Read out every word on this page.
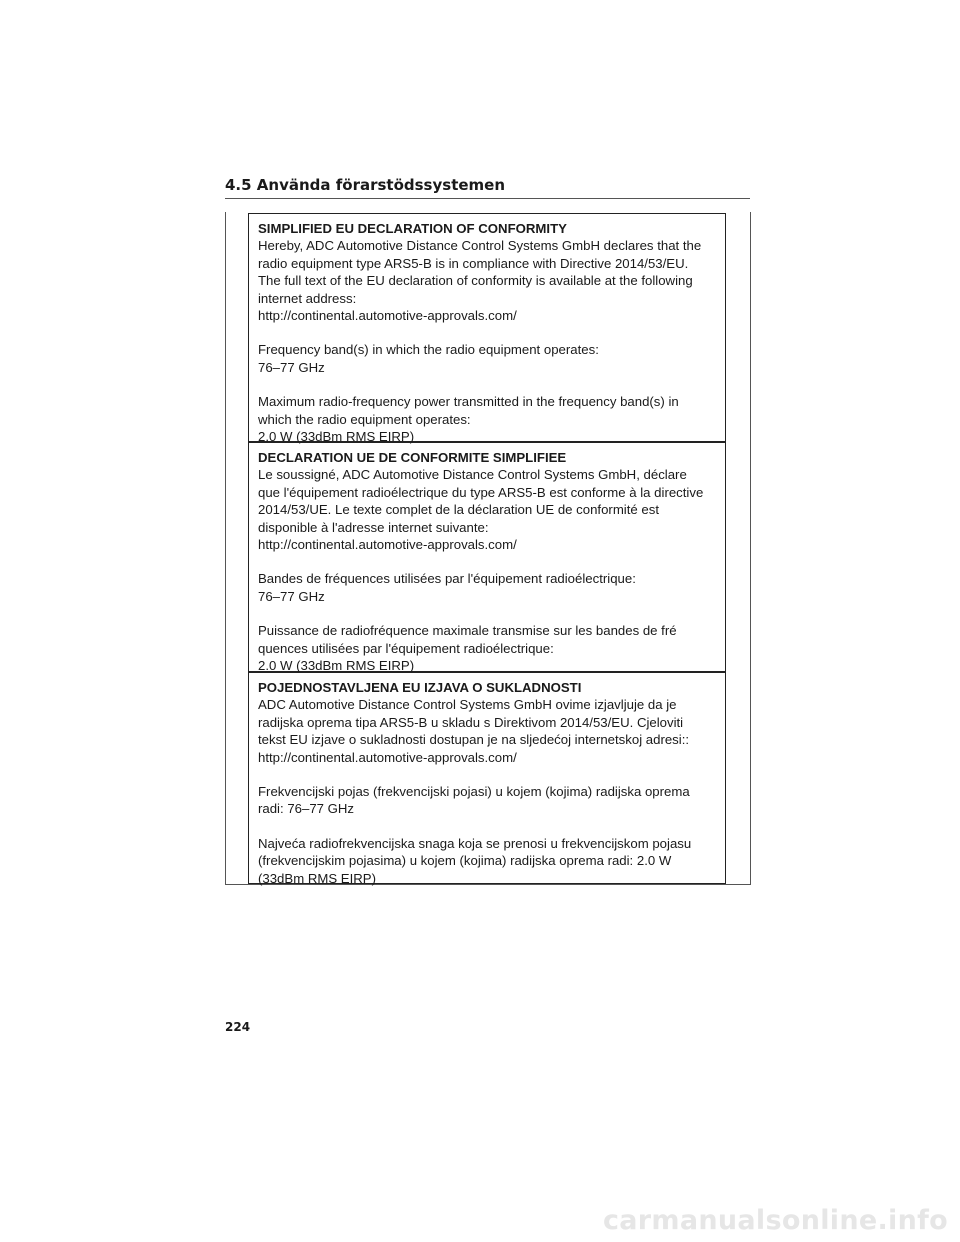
4.5 Använda förarstödssystemen
SIMPLIFIED EU DECLARATION OF CONFORMITY
Hereby, ADC Automotive Distance Control Systems GmbH declares that the
radio equipment type ARS5-B is in compliance with Directive 2014/53/EU.
The full text of the EU declaration of conformity is available at the following
internet address:
http://continental.automotive-approvals.com/
Frequency band(s) in which the radio equipment operates:
76–77 GHz
Maximum radio-frequency power transmitted in the frequency band(s) in
which the radio equipment operates:
2.0 W (33dBm RMS EIRP)
DECLARATION UE DE CONFORMITE SIMPLIFIEE
Le soussigné, ADC Automotive Distance Control Systems GmbH, déclare
que l'équipement radioélectrique du type ARS5-B est conforme à la directive
2014/53/UE. Le texte complet de la déclaration UE de conformité est
disponible à l'adresse internet suivante:
http://continental.automotive-approvals.com/
Bandes de fréquences utilisées par l'équipement radioélectrique:
76–77 GHz
Puissance de radiofréquence maximale transmise sur les bandes de fré
quences utilisées par l'équipement radioélectrique:
2.0 W (33dBm RMS EIRP)
POJEDNOSTAVLJENA EU IZJAVA O SUKLADNOSTI
ADC Automotive Distance Control Systems GmbH ovime izjavljuje da je
radijska oprema tipa ARS5-B u skladu s Direktivom 2014/53/EU. Cjeloviti
tekst EU izjave o sukladnosti dostupan je na sljedećoj internetskoj adresi::
http://continental.automotive-approvals.com/
Frekvencijski pojas (frekvencijski pojasi) u kojem (kojima) radijska oprema
radi: 76–77 GHz
Najveća radiofrekvencijska snaga koja se prenosi u frekvencijskom pojasu
(frekvencijskim pojasima) u kojem (kojima) radijska oprema radi: 2.0 W
(33dBm RMS EIRP)
224
carmanualsonline.info
